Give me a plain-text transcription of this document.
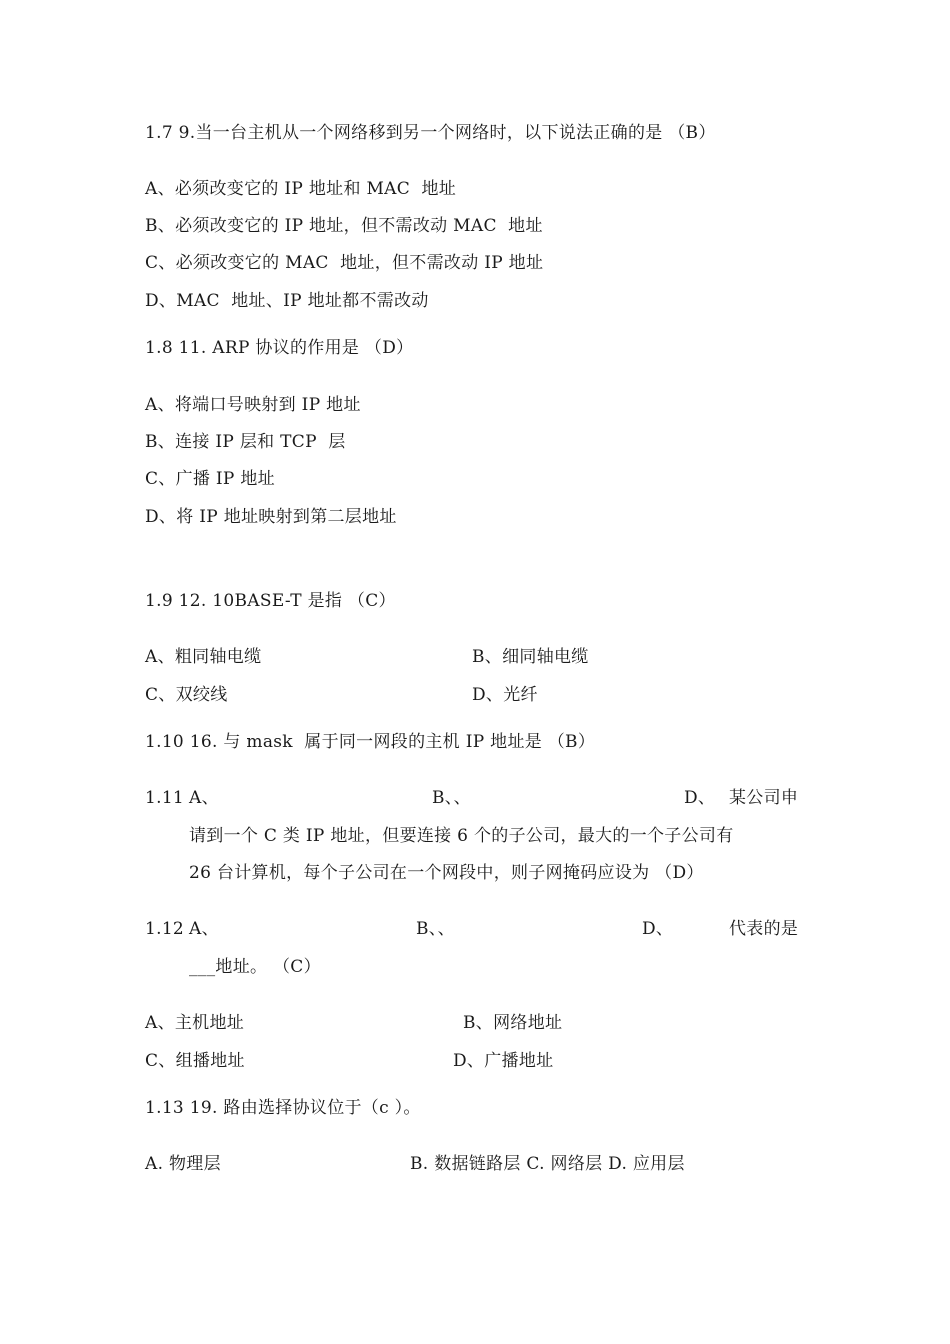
1.7 9.当一台主机从一个网络移到另一个网络时，以下说法正确的是 （B）
A、必须改变它的 IP 地址和 MAC  地址
B、必须改变它的 IP 地址，但不需改动 MAC  地址
C、必须改变它的 MAC  地址，但不需改动 IP 地址
D、MAC  地址、IP 地址都不需改动
1.8 11. ARP 协议的作用是 （D）
A、将端口号映射到 IP 地址
B、连接 IP 层和 TCP  层
C、广播 IP 地址
D、将 IP 地址映射到第二层地址
1.9 12. 10BASE-T 是指 （C）
A、粗同轴电缆	B、细同轴电缆
C、双绞线	D、光纤
1.10 16. 与 mask  属于同一网段的主机 IP 地址是 （B）
1.11 A、	B、、	D、 某公司申
请到一个 C 类 IP 地址，但要连接 6 个的子公司，最大的一个子公司有
26 台计算机，每个子公司在一个网段中，则子网掩码应设为 （D）
1.12 A、	B、、	D、	代表的是
___地址。 （C）
A、主机地址	B、网络地址
C、组播地址	D、广播地址
1.13 19. 路由选择协议位于（c ）。
A. 物理层	B. 数据链路层 C. 网络层 D. 应用层
